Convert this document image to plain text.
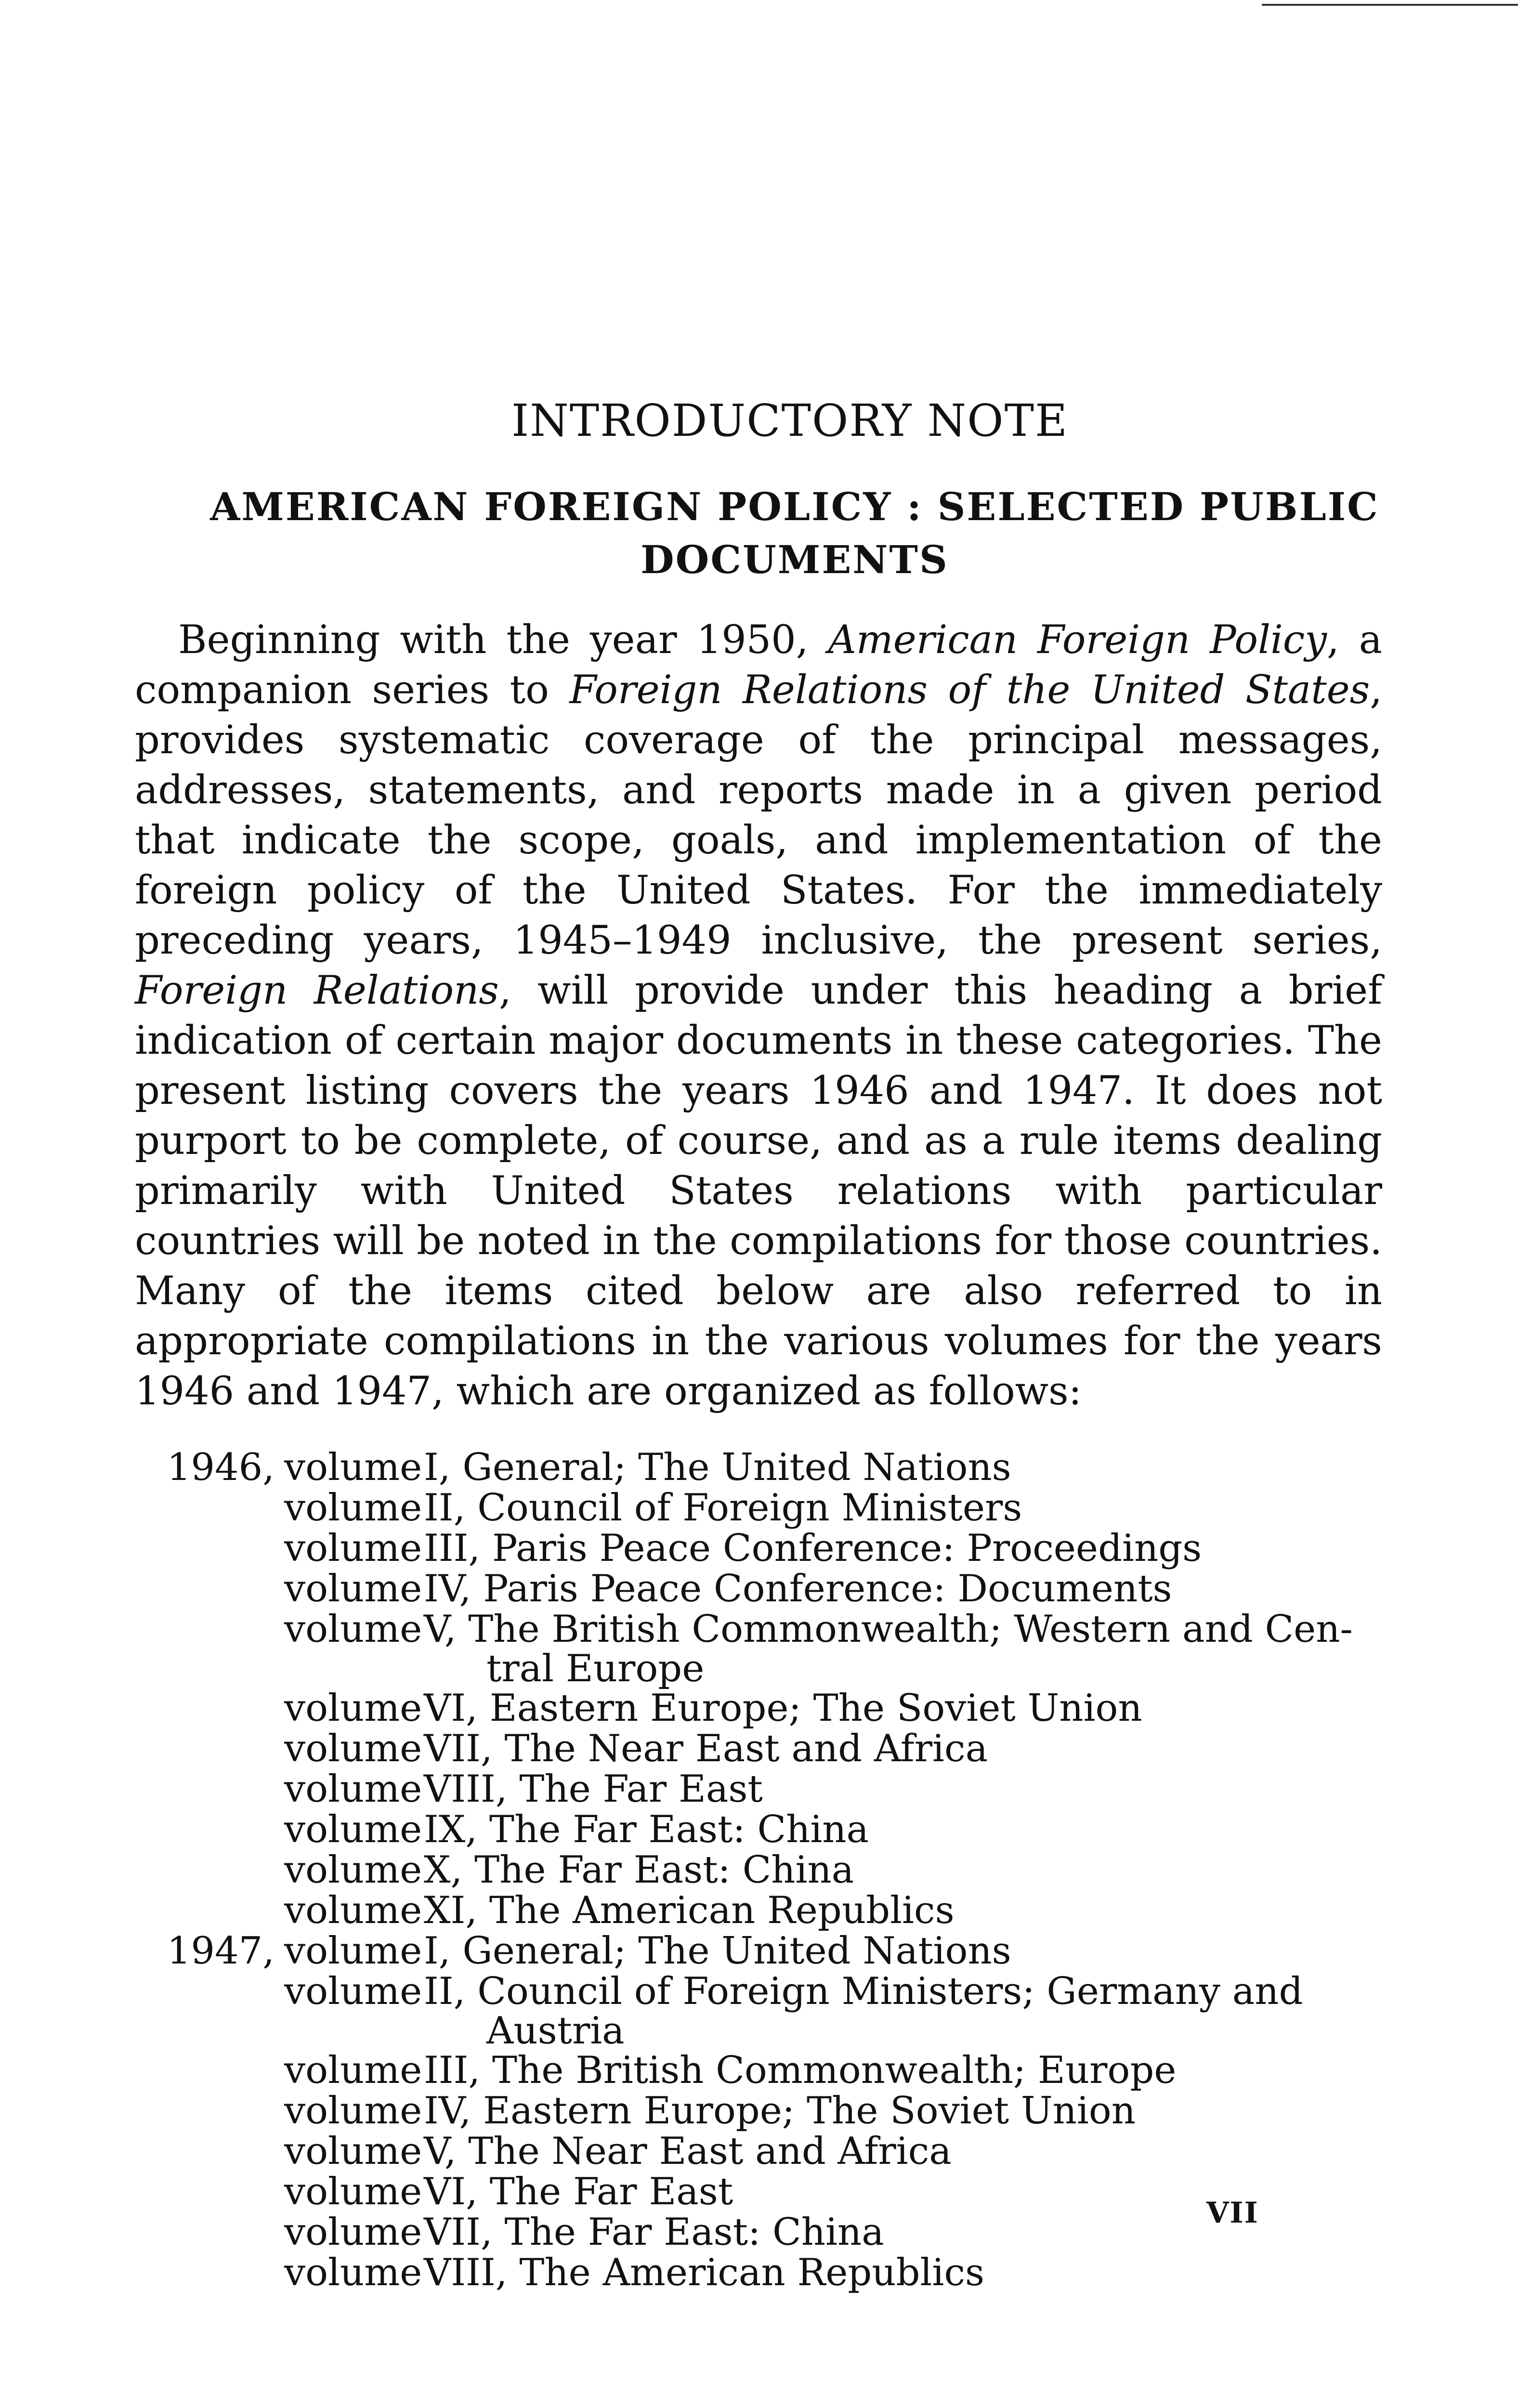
INTRODUCTORY NOTE
AMERICAN FOREIGN POLICY : SELECTED PUBLIC
DOCUMENTS

Beginning with the year 1950, American Foreign Policy, a companion series to Foreign Relations of the United States, provides systematic coverage of the principal messages, addresses, statements, and reports made in a given period that indicate the scope, goals, and implementation of the foreign policy of the United States. For the immediately preceding years, 1945–1949 inclusive, the present series, Foreign Relations, will provide under this heading a brief indication of certain major documents in these categories. The present listing covers the years 1946 and 1947. It does not purport to be complete, of course, and as a rule items dealing primarily with United States relations with particular countries will be noted in the compilations for those countries. Many of the items cited below are also referred to in appropriate compilations in the various volumes for the years 1946 and 1947, which are organized as follows:

1946, volume I, General; The United Nations
volume II, Council of Foreign Ministers
volume III, Paris Peace Conference: Proceedings
volume IV, Paris Peace Conference: Documents
volume V, The British Commonwealth; Western and Cen-
tral Europe
volume VI, Eastern Europe; The Soviet Union
volume VII, The Near East and Africa
volume VIII, The Far East
volume IX, The Far East: China
volume X, The Far East: China
volume XI, The American Republics
1947, volume I, General; The United Nations
volume II, Council of Foreign Ministers; Germany and
Austria
volume III, The British Commonwealth; Europe
volume IV, Eastern Europe; The Soviet Union
volume V, The Near East and Africa
volume VI, The Far East
volume VII, The Far East: China
volume VIII, The American Republics
VII
